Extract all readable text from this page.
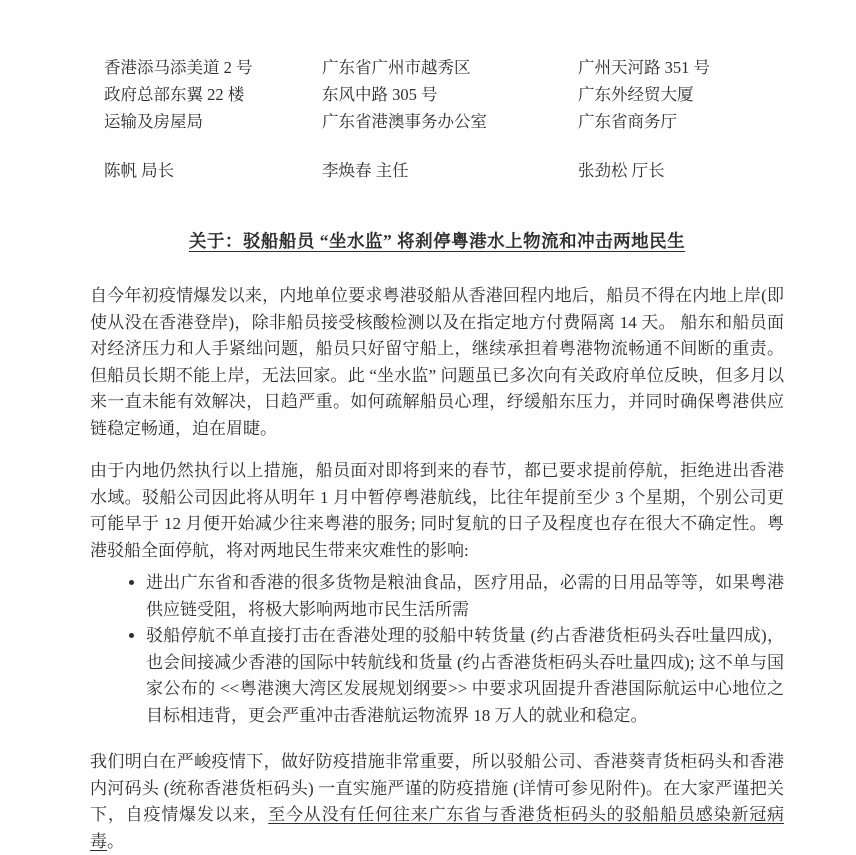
香港添马添美道 2 号
政府总部东翼 22 楼
运输及房屋局
陈帆 局长
广东省广州市越秀区
东风中路 305 号
广东省港澳事务办公室
李焕春 主任
广州天河路 351 号
广东外经贸大厦
广东省商务厅
张劲松 厅长
关于：驳船船员 “坐水监” 将刹停粤港水上物流和冲击两地民生

自今年初疫情爆发以来，内地单位要求粤港驳船从香港回程内地后，船员不得在内地上岸(即使从没在香港登岸)，除非船员接受核酸检测以及在指定地方付费隔离 14 天。 船东和船员面对经济压力和人手紧绌问题，船员只好留守船上，继续承担着粤港物流畅通不间断的重责。但船员长期不能上岸，无法回家。此 “坐水监” 问题虽已多次向有关政府单位反映，但多月以来一直未能有效解决，日趋严重。如何疏解船员心理，纾缓船东压力，并同时确保粤港供应链稳定畅通，迫在眉睫。

由于内地仍然执行以上措施，船员面对即将到来的春节，都已要求提前停航，拒绝进出香港水域。驳船公司因此将从明年 1 月中暂停粤港航线，比往年提前至少 3 个星期，个别公司更可能早于 12 月便开始减少往来粤港的服务; 同时复航的日子及程度也存在很大不确定性。粤港驳船全面停航，将对两地民生带来灾难性的影响:

• 进出广东省和香港的很多货物是粮油食品，医疗用品，必需的日用品等等，如果粤港供应链受阻，将极大影响两地市民生活所需
• 驳船停航不单直接打击在香港处理的驳船中转货量 (约占香港货柜码头吞吐量四成)，也会间接减少香港的国际中转航线和货量 (约占香港货柜码头吞吐量四成); 这不单与国家公布的 <<粤港澳大湾区发展规划纲要>> 中要求巩固提升香港国际航运中心地位之目标相违背，更会严重冲击香港航运物流界 18 万人的就业和稳定。

我们明白在严峻疫情下，做好防疫措施非常重要，所以驳船公司、香港葵青货柜码头和香港内河码头 (统称香港货柜码头) 一直实施严谨的防疫措施 (详情可参见附件)。在大家严谨把关下，自疫情爆发以来，至今从没有任何往来广东省与香港货柜码头的驳船船员感染新冠病毒。
